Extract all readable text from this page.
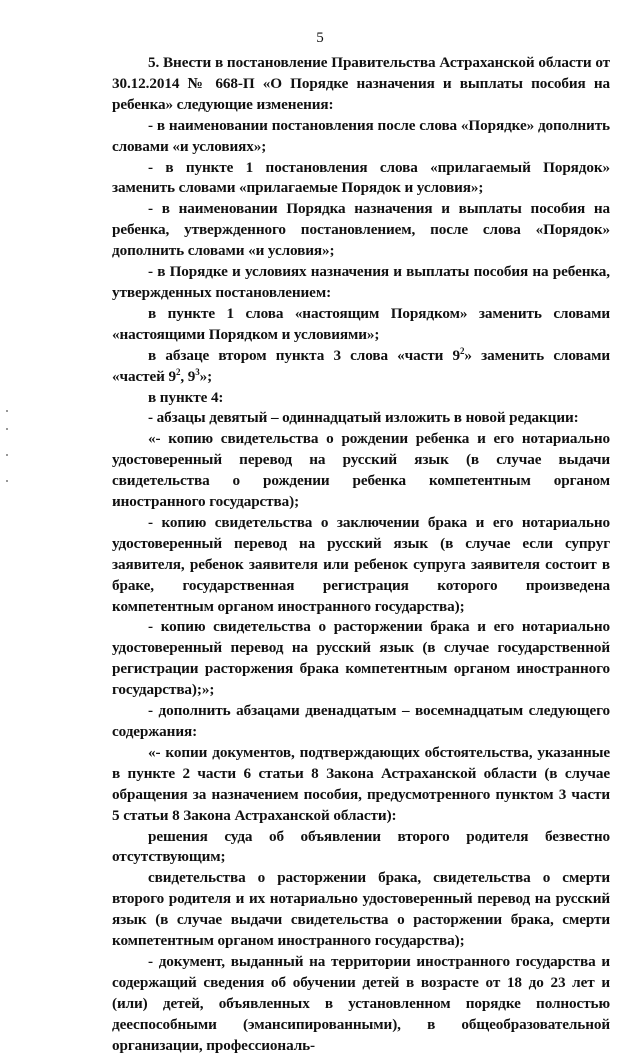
5

5. Внести в постановление Правительства Астраханской области от 30.12.2014 № 668-П «О Порядке назначения и выплаты пособия на ребенка» следующие изменения:

- в наименовании постановления после слова «Порядке» дополнить словами «и условиях»;

- в пункте 1 постановления слова «прилагаемый Порядок» заменить словами «прилагаемые Порядок и условия»;

- в наименовании Порядка назначения и выплаты пособия на ребенка, утвержденного постановлением, после слова «Порядок» дополнить словами «и условия»;

- в Порядке и условиях назначения и выплаты пособия на ребенка, утвержденных постановлением:

в пункте 1 слова «настоящим Порядком» заменить словами «настоящими Порядком и условиями»;

в абзаце втором пункта 3 слова «части $9^2$» заменить словами «частей $9^2$, $9^3$»;

в пункте 4:

- абзацы девятый – одиннадцатый изложить в новой редакции:

«- копию свидетельства о рождении ребенка и его нотариально удостоверенный перевод на русский язык (в случае выдачи свидетельства о рождении ребенка компетентным органом иностранного государства);

- копию свидетельства о заключении брака и его нотариально удостоверенный перевод на русский язык (в случае если супруг заявителя, ребенок заявителя или ребенок супруга заявителя состоит в браке, государственная регистрация которого произведена компетентным органом иностранного государства);

- копию свидетельства о расторжении брака и его нотариально удостоверенный перевод на русский язык (в случае государственной регистрации расторжения брака компетентным органом иностранного государства);»;

- дополнить абзацами двенадцатым – восемнадцатым следующего содержания:

«- копии документов, подтверждающих обстоятельства, указанные в пункте 2 части 6 статьи 8 Закона Астраханской области (в случае обращения за назначением пособия, предусмотренного пунктом 3 части 5 статьи 8 Закона Астраханской области):

решения суда об объявлении второго родителя безвестно отсутствующим;

свидетельства о расторжении брака, свидетельства о смерти второго родителя и их нотариально удостоверенный перевод на русский язык (в случае выдачи свидетельства о расторжении брака, смерти компетентным органом иностранного государства);

- документ, выданный на территории иностранного государства и содержащий сведения об обучении детей в возрасте от 18 до 23 лет и (или) детей, объявленных в установленном порядке полностью дееспособными (эмансипированными), в общеобразовательной организации, профессиональ-
